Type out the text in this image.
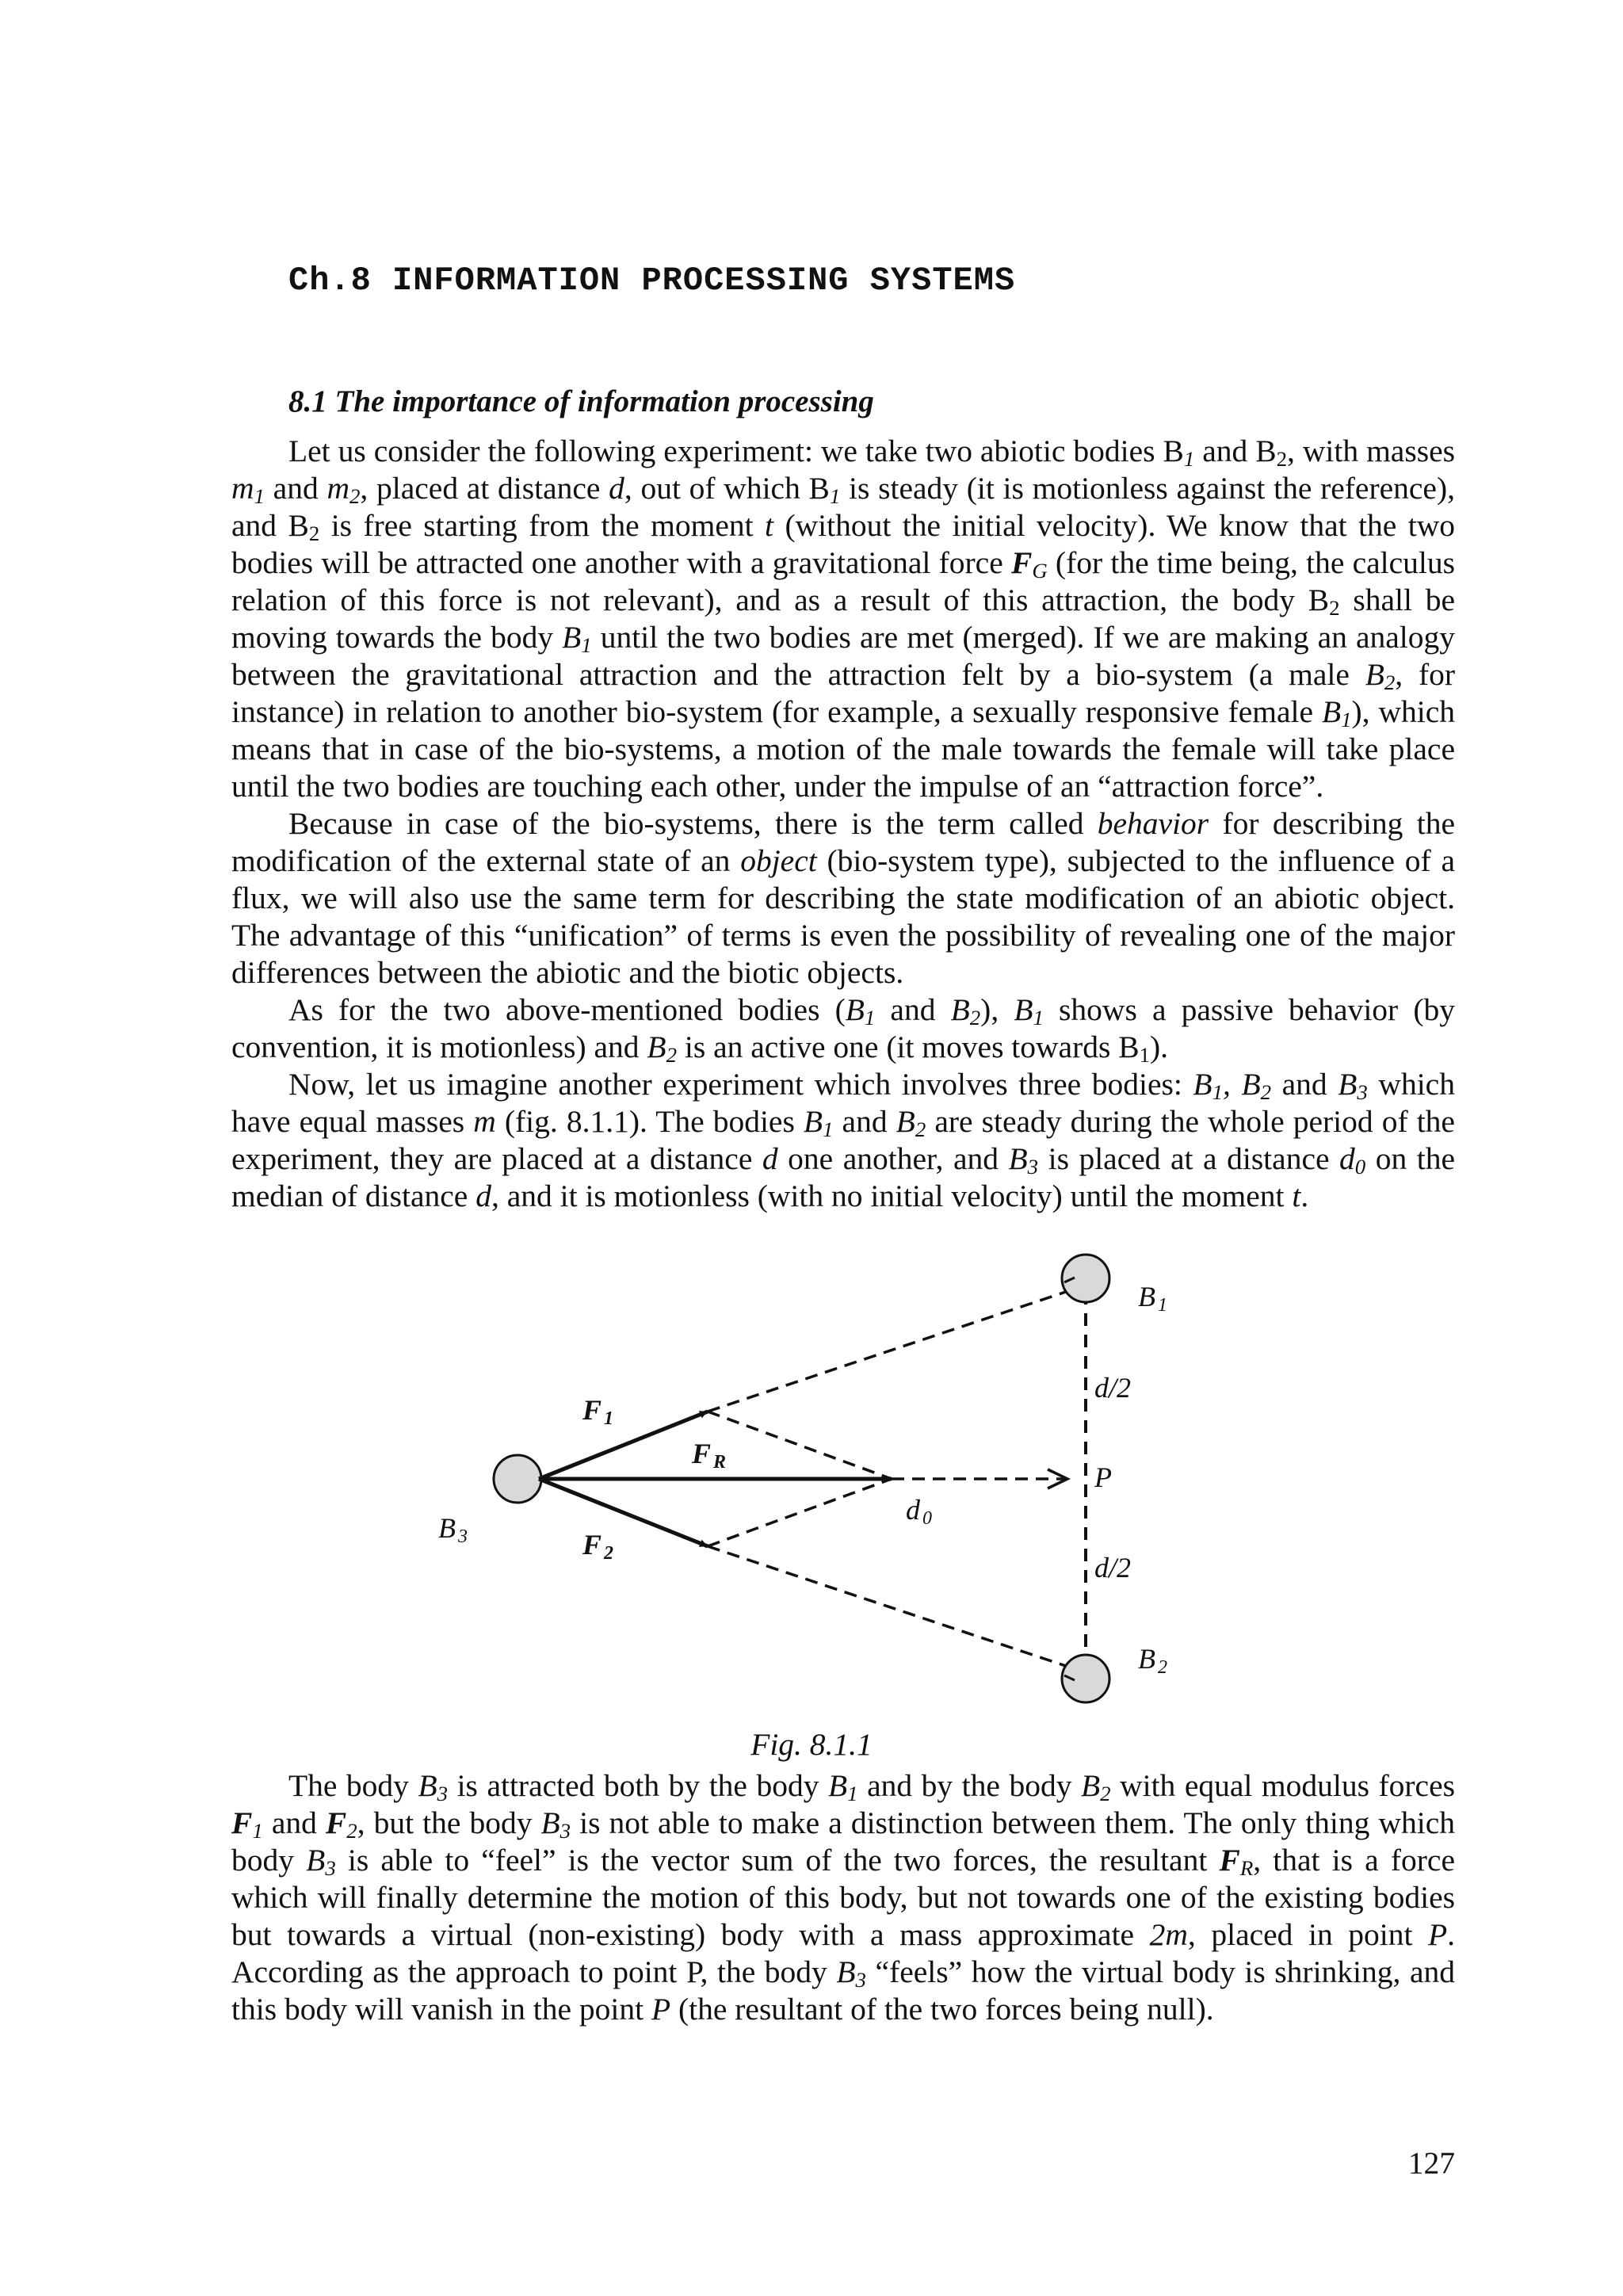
Ch.8 INFORMATION PROCESSING SYSTEMS
8.1 The importance of information processing

Let us consider the following experiment: we take two abiotic bodies $B_1$ and $B_2$, with masses $m_1$ and $m_2$, placed at distance d, out of which $B_1$ is steady (it is motionless against the reference), and $B_2$ is free starting from the moment t (without the initial velocity). We know that the two bodies will be attracted one another with a gravitational force $F_G$ (for the time being, the calculus relation of this force is not relevant), and as a result of this attraction, the body $B_2$ shall be moving towards the body $B_1$ until the two bodies are met (merged). If we are making an analogy between the gravitational attraction and the attraction felt by a bio-system (a male $B_2$, for instance) in relation to another bio-system (for example, a sexually responsive female $B_1$), which means that in case of the bio-systems, a motion of the male towards the female will take place until the two bodies are touching each other, under the impulse of an “attraction force”.

Because in case of the bio-systems, there is the term called behavior for describing the modification of the external state of an object (bio-system type), subjected to the influence of a flux, we will also use the same term for describing the state modification of an abiotic object. The advantage of this “unification” of terms is even the possibility of revealing one of the major differences between the abiotic and the biotic objects.

As for the two above-mentioned bodies ($B_1$ and $B_2$), $B_1$ shows a passive behavior (by convention, it is motionless) and $B_2$ is an active one (it moves towards $B_1$).

Now, let us imagine another experiment which involves three bodies: $B_1$, $B_2$ and $B_3$ which have equal masses m (fig. 8.1.1). The bodies $B_1$ and $B_2$ are steady during the whole period of the experiment, they are placed at a distance d one another, and $B_3$ is placed at a distance $d_0$ on the median of distance d, and it is motionless (with no initial velocity) until the moment t.

B 1
B 2
B 3
F 1
F 2
F R
d 0
P
d/2
d/2
Fig. 8.1.1

The body $B_3$ is attracted both by the body $B_1$ and by the body $B_2$ with equal modulus forces $F_1$ and $F_2$, but the body $B_3$ is not able to make a distinction between them. The only thing which body $B_3$ is able to “feel” is the vector sum of the two forces, the resultant $F_R$, that is a force which will finally determine the motion of this body, but not towards one of the existing bodies but towards a virtual (non-existing) body with a mass approximate 2m, placed in point P. According as the approach to point P, the body $B_3$ “feels” how the virtual body is shrinking, and this body will vanish in the point P (the resultant of the two forces being null).

127
